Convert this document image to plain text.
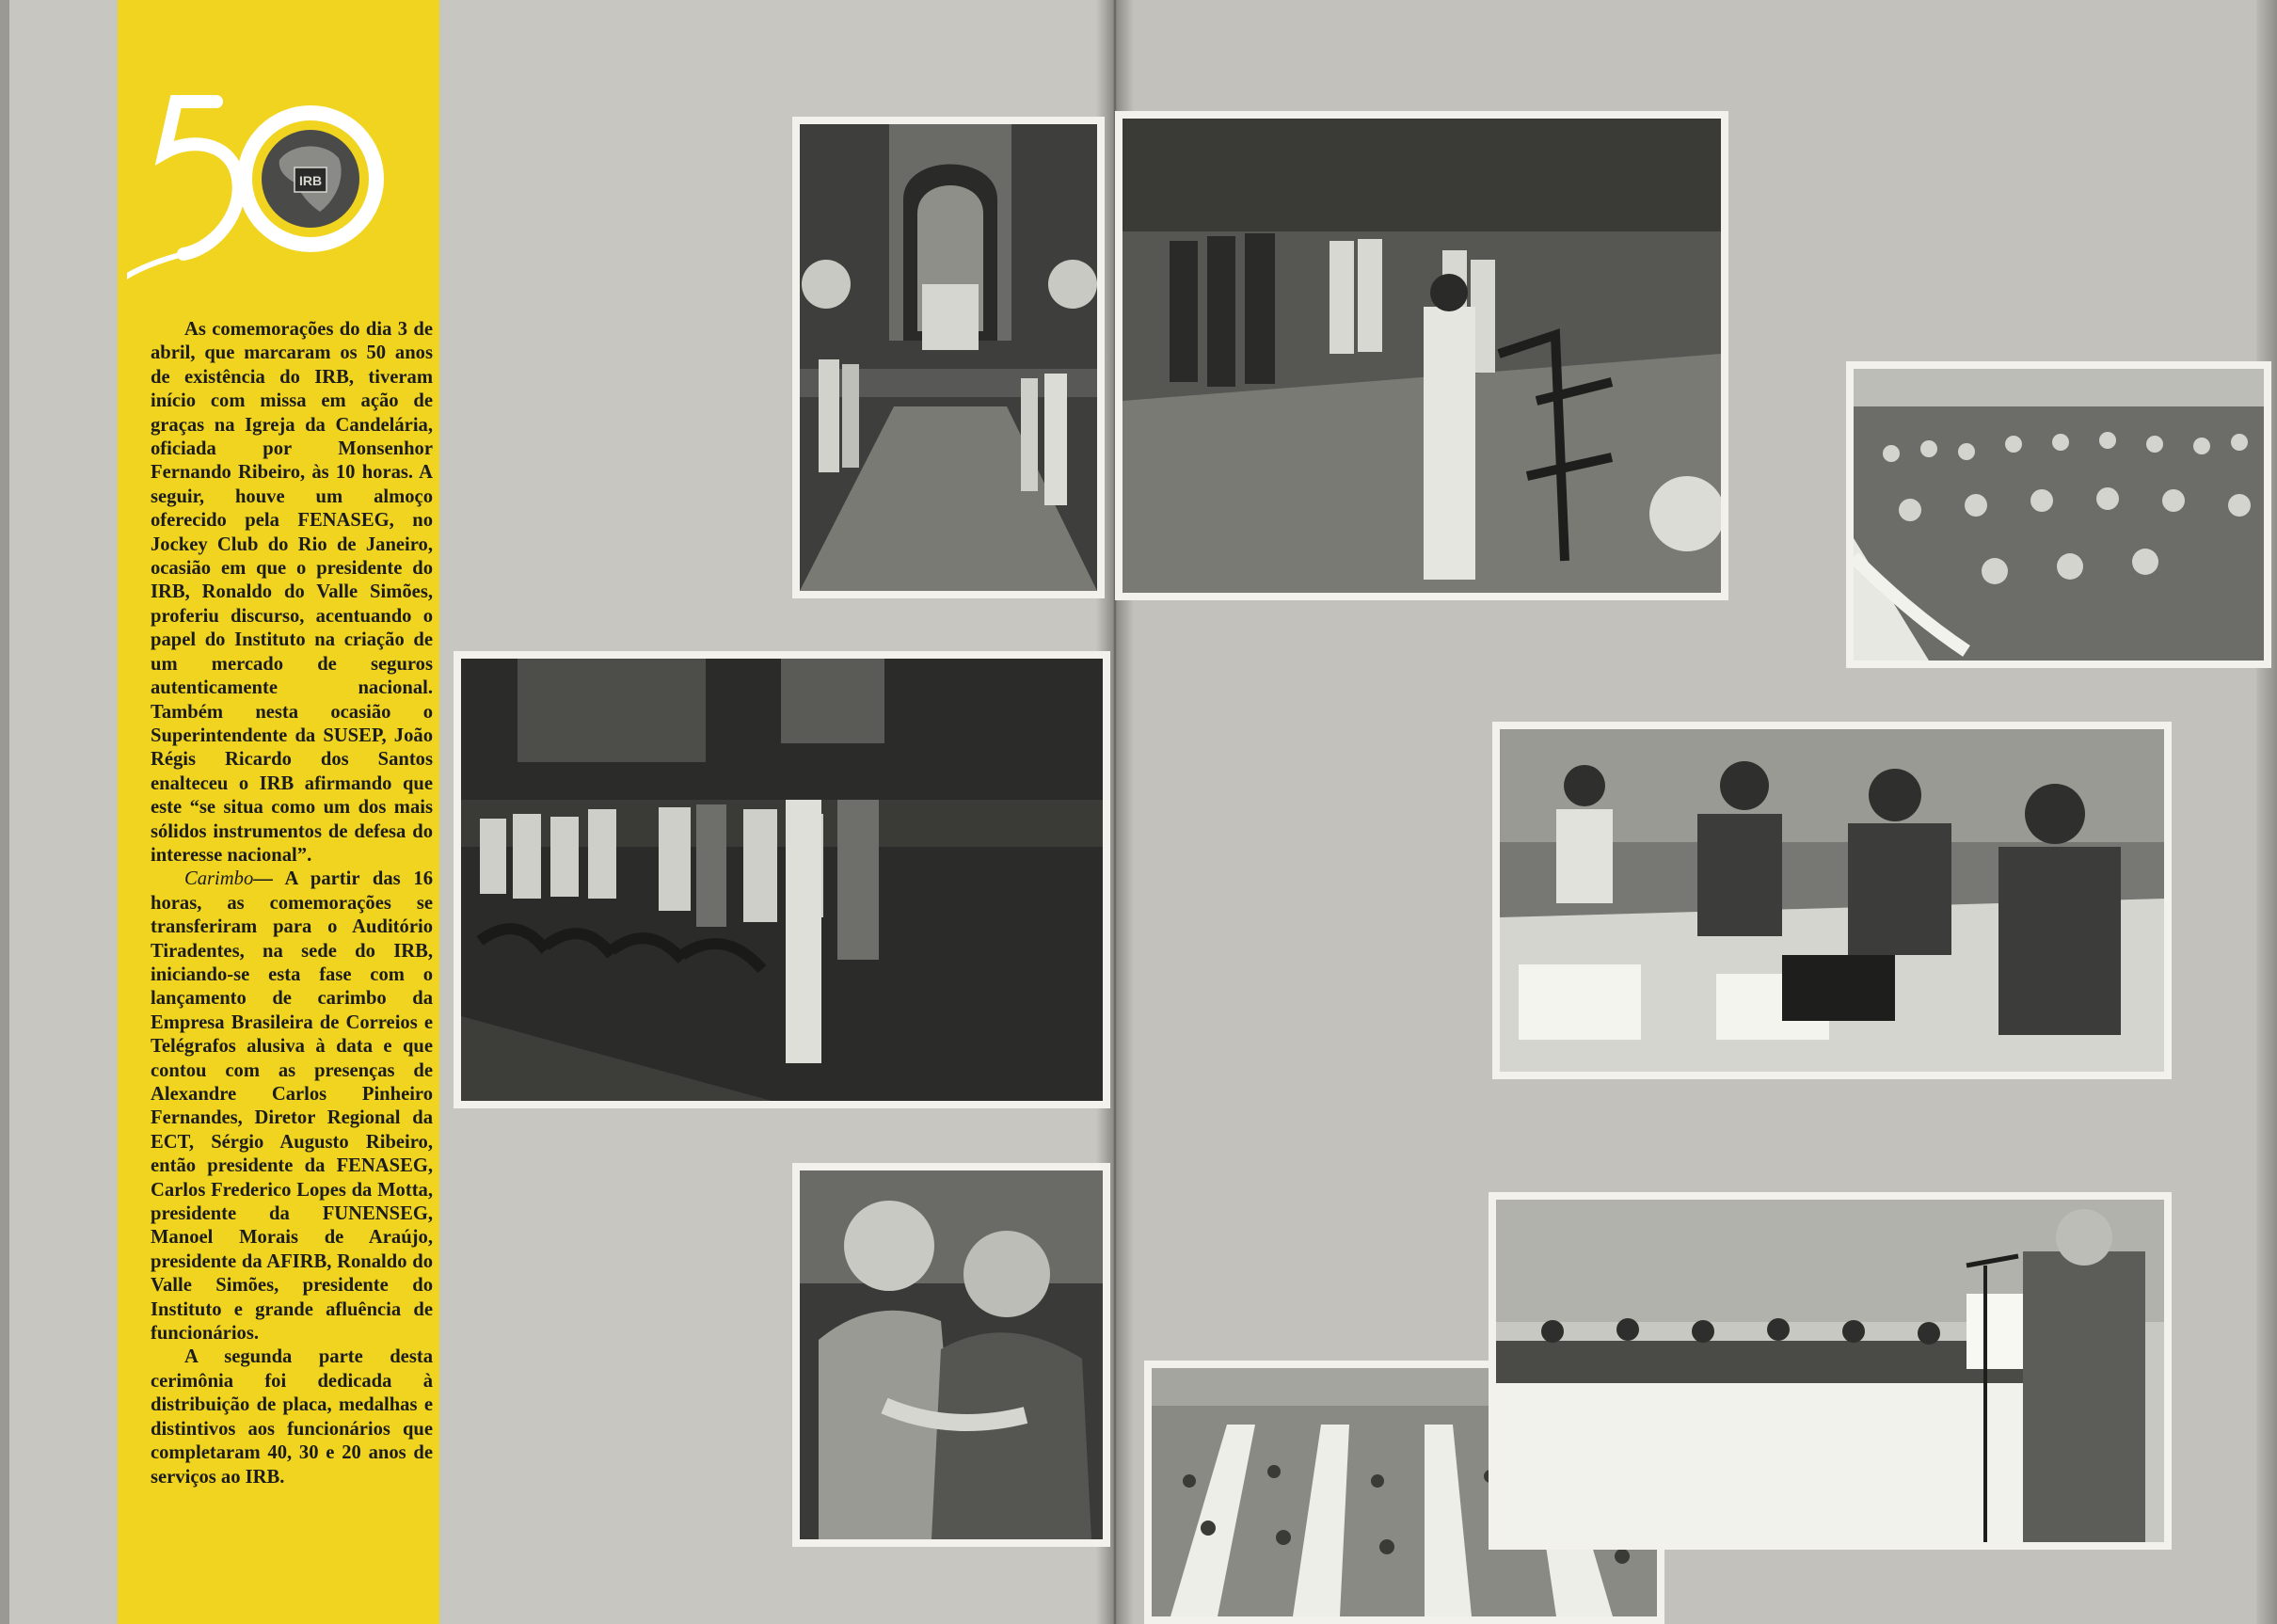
IRB

As comemorações do dia 3 de abril, que marcaram os 50 anos de existência do IRB, tiveram início com missa em ação de graças na Igreja da Candelária, oficiada por Monsenhor Fernando Ribeiro, às 10 horas. A seguir, houve um almoço oferecido pela FENASEG, no Jockey Club do Rio de Janeiro, ocasião em que o presidente do IRB, Ronaldo do Valle Simões, proferiu discurso, acentuando o papel do Instituto na criação de um mercado de seguros autenticamente nacional. Também nesta ocasião o Superintendente da SUSEP, João Régis Ricardo dos Santos enalteceu o IRB afirmando que este “se situa como um dos mais sólidos instrumentos de defesa do interesse nacional”.

Carimbo— A partir das 16 horas, as comemorações se transferiram para o Auditório Tiradentes, na sede do IRB, iniciando-se esta fase com o lançamento de carimbo da Empresa Brasileira de Correios e Telégrafos alusiva à data e que contou com as presenças de Alexandre Carlos Pinheiro Fernandes, Diretor Regional da ECT, Sérgio Augusto Ribeiro, então presidente da FENASEG, Carlos Frederico Lopes da Motta, presidente da FUNENSEG, Manoel Morais de Araújo, presidente da AFIRB, Ronaldo do Valle Simões, presidente do Instituto e grande afluência de funcionários.

A segunda parte desta cerimônia foi dedicada à distribuição de placa, medalhas e distintivos aos funcionários que completaram 40, 30 e 20 anos de serviços ao IRB.
